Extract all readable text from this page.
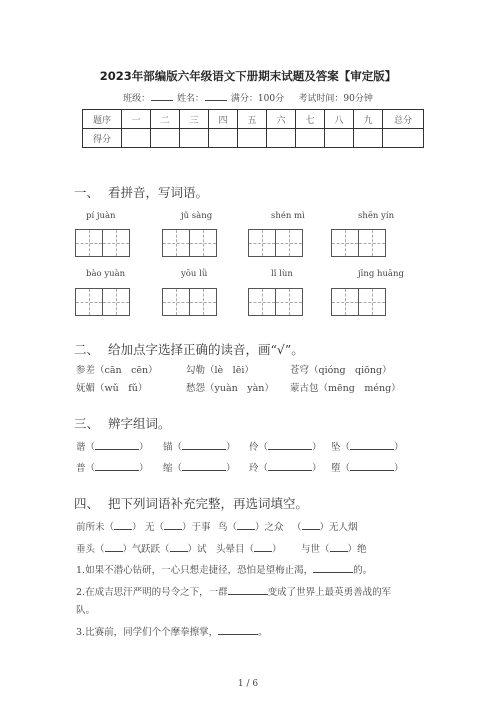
2023年部编版六年级语文下册期末试题及答案【审定版】
班级：	姓名：	满分：100分 考试时间：90分钟
题序	一	二	三	四	五	六	七	八	九	总分
得分										
一、 看拼音，写词语。
pí juàn	jǔ sàng	shén mì	shēn yín
bào yuàn	yōu lǜ	lǐ lùn	jīng huāng
二、 给加点字选择正确的读音，画“√”。
参差（cān　cēn）	勾勒（lè　lēi）	苍穹（qióng　qiōng）
妩媚（wǔ　fǔ）	愁怨（yuàn　yàn） 蒙古包（mēng　méng）
三、 辨字组词。
谐（	） 锚（	） 伶（	） 坠（	）
普（	） 缩（	） 玲（	） 堕（	）
四、 把下列词语补充完整，再选词填空。
前所未（ ） 无（ ）于事 鸟（ ）之众 （ ）无人烟
垂头（ ）气跃跃（ ）试 头晕目（ ） 与世（ ）绝
1.如果不潜心钻研，一心只想走捷径，恐怕是望梅止渴，	的。
2.在成吉思汗严明的号令之下，一群	变成了世界上最英勇善战的军
队。
3.比赛前，同学们个个摩拳擦掌，	。
1 / 6
